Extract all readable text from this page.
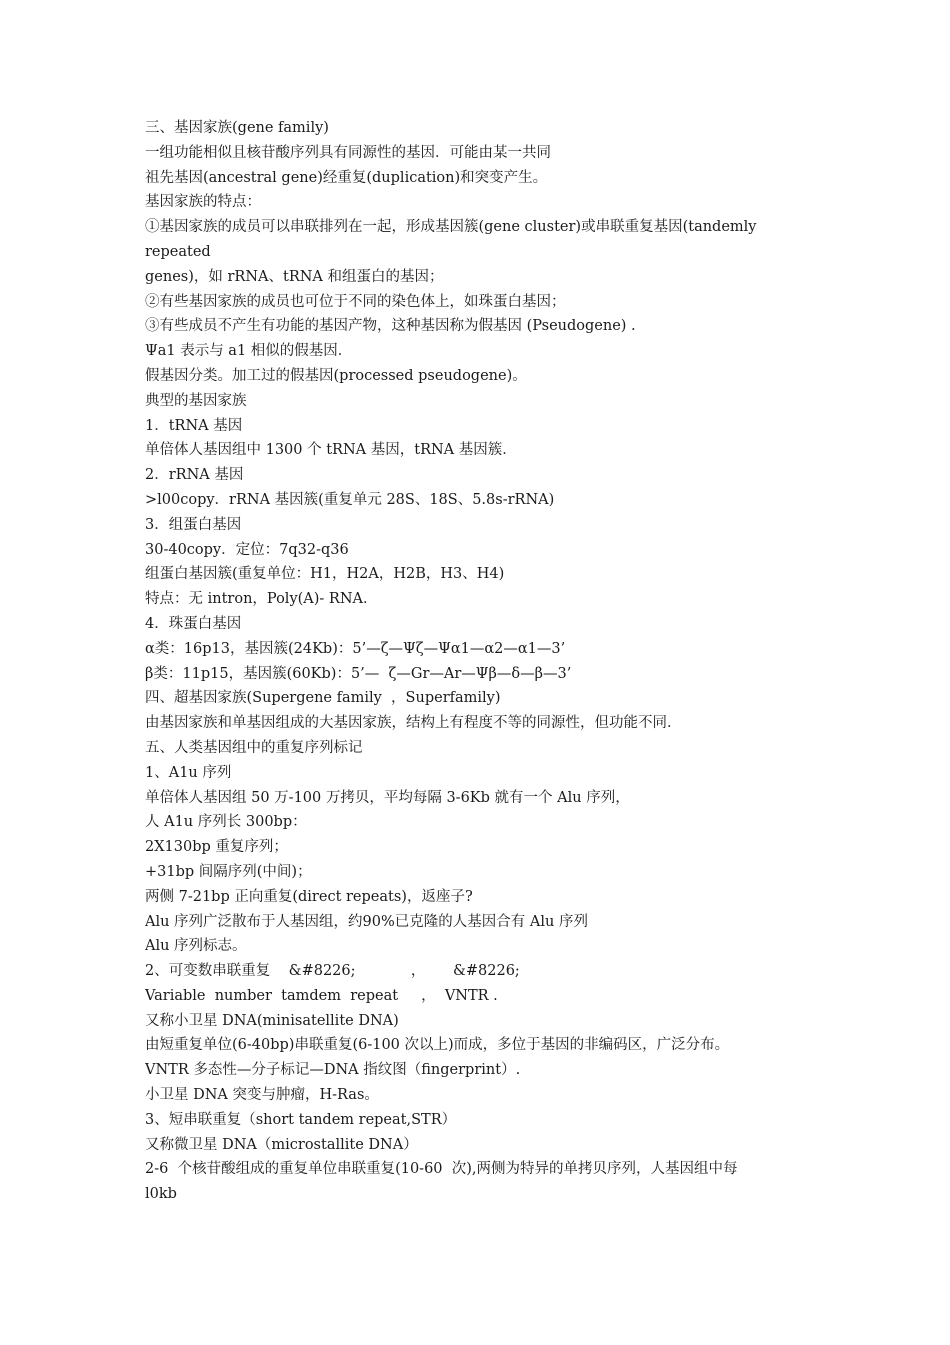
三、基因家族(gene family)
一组功能相似且核苷酸序列具有同源性的基因．可能由某一共同
祖先基因(ancestral gene)经重复(duplication)和突变产生。
基因家族的特点：
①基因家族的成员可以串联排列在一起，形成基因簇(gene cluster)或串联重复基因(tandemly
repeated
genes)，如 rRNA、tRNA 和组蛋白的基因；
②有些基因家族的成员也可位于不同的染色体上，如珠蛋白基因；
③有些成员不产生有功能的基因产物，这种基因称为假基因 (Pseudogene) .
Ψa1 表示与 a1 相似的假基因．
假基因分类。加工过的假基因(processed pseudogene)。
典型的基因家族
1．tRNA 基因
单倍体人基因组中 1300 个 tRNA 基因，tRNA 基因簇．
2．rRNA 基因
>l00copy．rRNA 基因簇(重复单元 28S、18S、5.8s-rRNA)
3．组蛋白基因
30-40copy．定位：7q32-q36
组蛋白基因簇(重复单位：H1，H2A，H2B，H3、H4)
特点：无 intron，Poly(A)- RNA．
4．珠蛋白基因
α类：16p13，基因簇(24Kb)：5’—ζ—Ψζ—Ψα1—α2—α1—3’
β类：11p15，基因簇(60Kb)：5’—  ζ—Gr—Ar—Ψβ—δ—β—3’
四、超基因家族(Supergene family  ，Superfamily)
由基因家族和单基因组成的大基因家族，结构上有程度不等的同源性，但功能不同．
五、人类基因组中的重复序列标记
1、A1u 序列
单倍体人基因组 50 万-100 万拷贝，平均每隔 3-6Kb 就有一个 Alu 序列，
人 A1u 序列长 300bp：
2X130bp 重复序列；
+31bp 间隔序列(中间)；
两侧 7-21bp 正向重复(direct repeats)，返座子?
Alu 序列广泛散布于人基因组，约90%已克隆的人基因合有 Alu 序列
Alu 序列标志。
2、可变数串联重复    &#8226;            ，      &#8226;
Variable  number  tamdem  repeat     ，  VNTR .
又称小卫星 DNA(minisatellite DNA)
由短重复单位(6-40bp)串联重复(6-100 次以上)而成，多位于基因的非编码区，广泛分布。
VNTR 多态性—分子标记—DNA 指纹图（fingerprint）.
小卫星 DNA 突变与肿瘤，H-Ras。
3、短串联重复（short tandem repeat,STR）
又称微卫星 DNA（microstallite DNA）
2-6  个核苷酸组成的重复单位串联重复(10-60  次),两侧为特异的单拷贝序列，人基因组中每
l0kb
